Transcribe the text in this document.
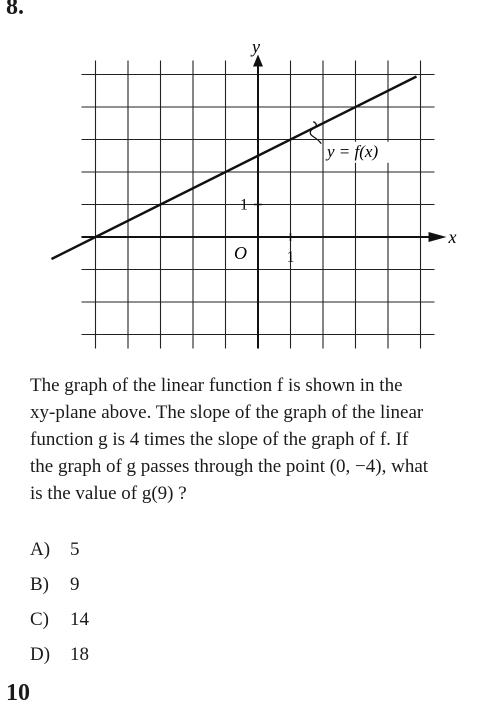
8.
y
x
O 1
1
y = f(x)
The graph of the linear function f is shown in the
xy-plane above. The slope of the graph of the linear
function g is 4 times the slope of the graph of f. If
the graph of g passes through the point (0, −4), what
is the value of g(9) ?
A)	5
B)	9
C)	14
D)	18
10
